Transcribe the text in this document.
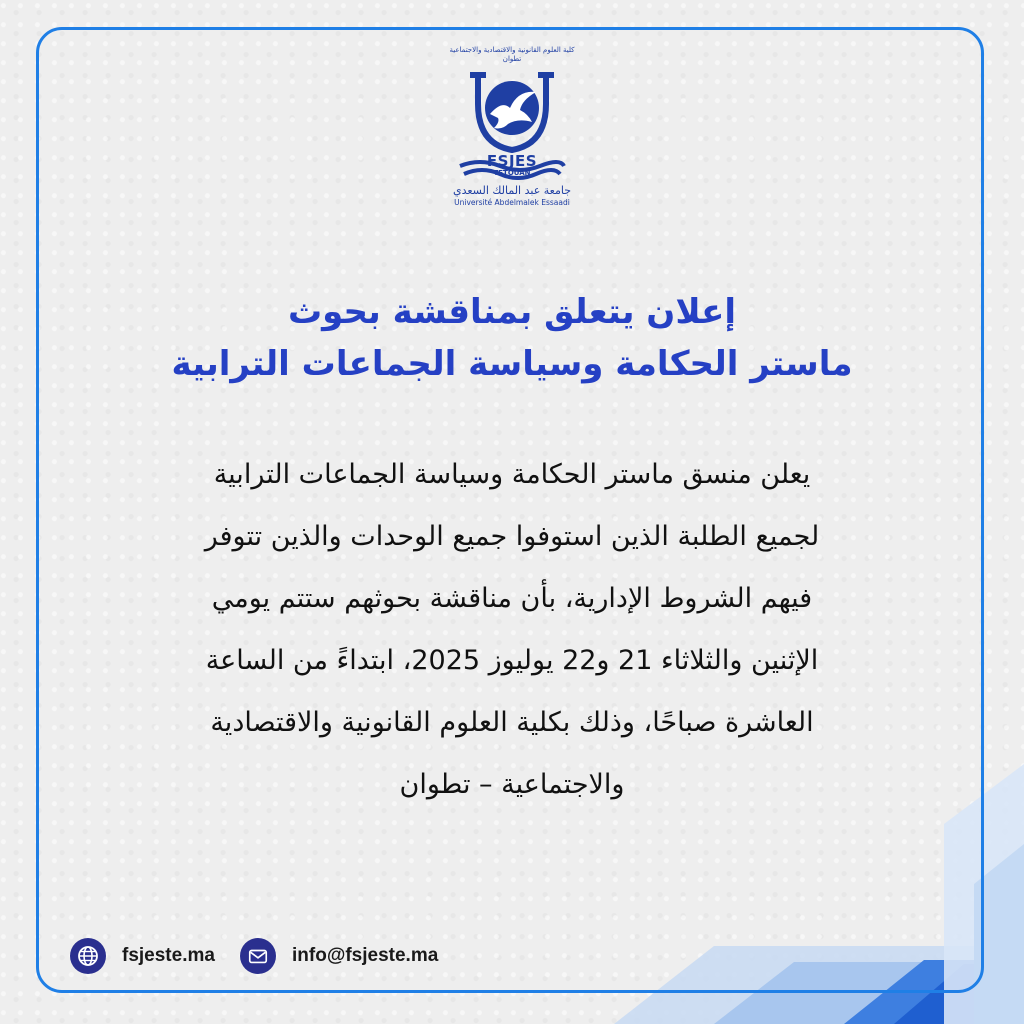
كلية العلوم القانونية والاقتصادية والاجتماعية تطوان
FSJES
TETOUAN
جامعة عبد المالك السعدي
Université Abdelmalek Essaadi
إعلان يتعلق بمناقشة بحوث
ماستر الحكامة وسياسة الجماعات الترابية
يعلن منسق ماستر الحكامة وسياسة الجماعات الترابية
لجميع الطلبة الذين استوفوا جميع الوحدات والذين تتوفر
فيهم الشروط الإدارية، بأن مناقشة بحوثهم ستتم يومي
الإثنين والثلاثاء 21 و22 يوليوز 2025، ابتداءً من الساعة
العاشرة صباحًا، وذلك بكلية العلوم القانونية والاقتصادية
والاجتماعية – تطوان
fsjeste.ma	info@fsjeste.ma
